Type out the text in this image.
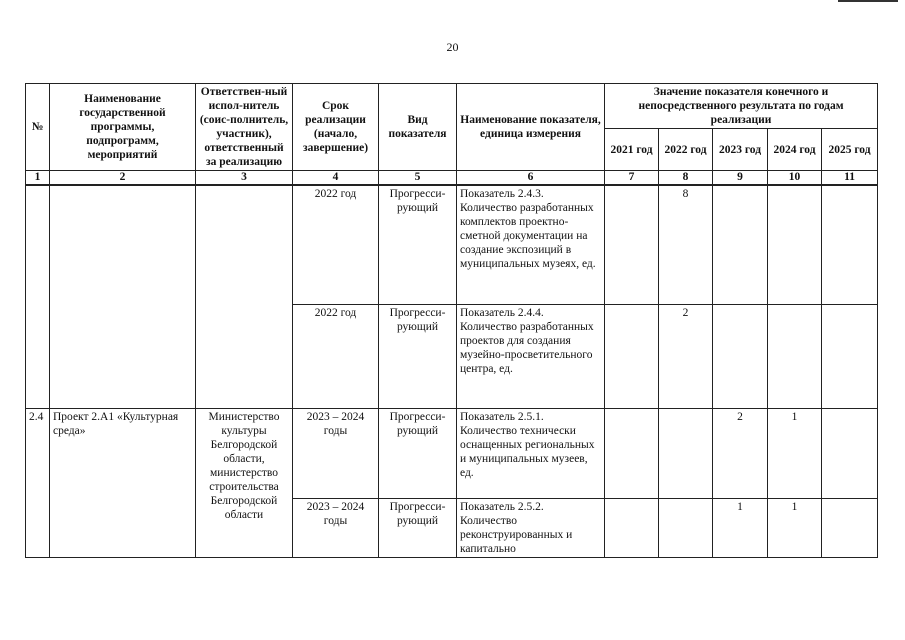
20
№	Наименование государственной программы, подпрограмм, мероприятий	Ответствен-ный испол-нитель (соис-полнитель, участник), ответственный за реализацию	Срок реализации (начало, завершение)	Вид показателя	Наименование показателя, единица измерения	Значение показателя конечного и непосредственного результата по годам реализации				
						2021 год	2022 год	2023 год	2024 год	2025 год
1	2	3	4	5	6	7	8	9	10	11
			2022 год	Прогресси-рующий	Показатель 2.4.3. Количество разработанных комплектов проектно-сметной документации на создание экспозиций в муниципальных музеях, ед.		8			
			2022 год	Прогресси-рующий	Показатель 2.4.4. Количество разработанных проектов для создания музейно-просветительного центра, ед.		2			
2.4	Проект 2.А1 «Культурная среда»	Министерство культуры Белгородской области, министерство строительства Белгородской области	2023 – 2024 годы	Прогресси-рующий	Показатель 2.5.1. Количество технически оснащенных региональных и муниципальных музеев, ед.			2	1	
			2023 – 2024 годы	Прогресси-рующий	Показатель 2.5.2. Количество реконструированных и капитально			1	1	
